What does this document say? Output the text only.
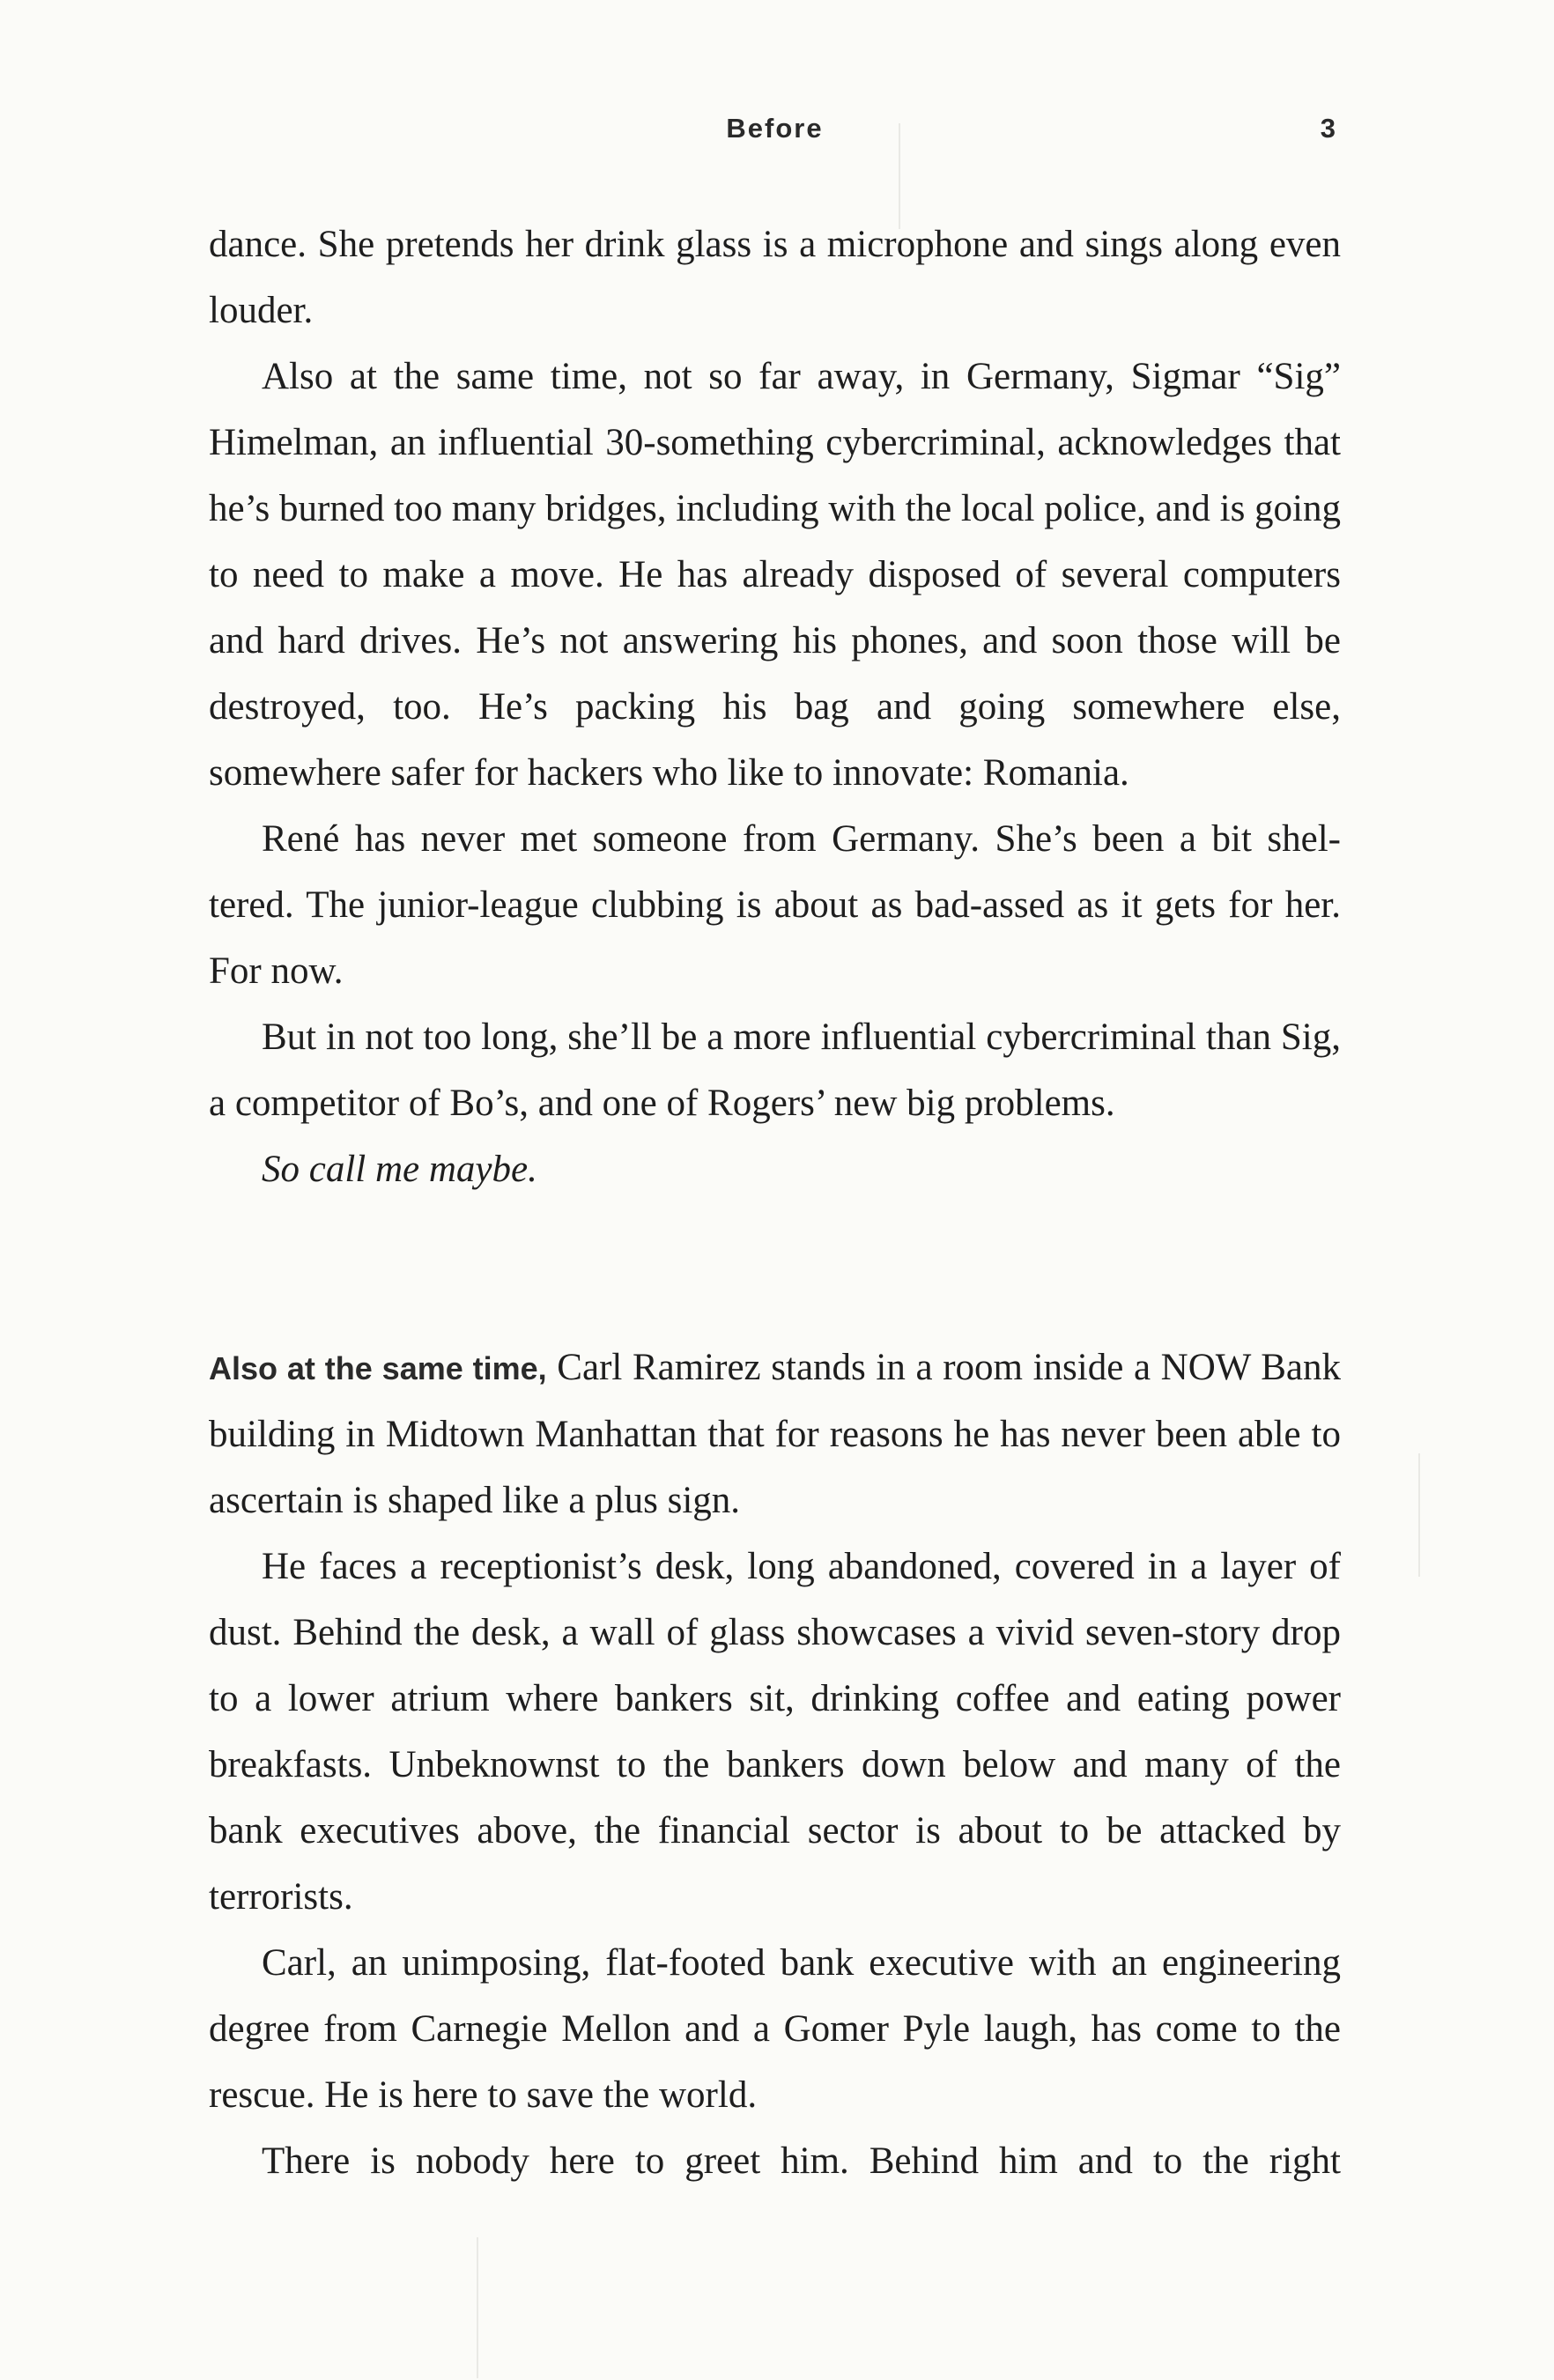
Before	3

dance. She pretends her drink glass is a microphone and sings along even louder.

Also at the same time, not so far away, in Germany, Sigmar “Sig” Himelman, an influential 30-something cybercriminal, acknowledges that he’s burned too many bridges, including with the local police, and is going to need to make a move. He has already disposed of several computers and hard drives. He’s not answering his phones, and soon those will be destroyed, too. He’s packing his bag and going somewhere else, somewhere safer for hackers who like to innovate: Romania.

René has never met someone from Germany. She’s been a bit sheltered. The junior-league clubbing is about as bad-assed as it gets for her. For now.

But in not too long, she’ll be a more influential cybercriminal than Sig, a competitor of Bo’s, and one of Rogers’ new big problems.

So call me maybe.

Also at the same time, Carl Ramirez stands in a room inside a NOW Bank building in Midtown Manhattan that for reasons he has never been able to ascertain is shaped like a plus sign.

He faces a receptionist’s desk, long abandoned, covered in a layer of dust. Behind the desk, a wall of glass showcases a vivid seven-story drop to a lower atrium where bankers sit, drinking coffee and eating power breakfasts. Unbeknownst to the bankers down below and many of the bank executives above, the financial sector is about to be attacked by terrorists.

Carl, an unimposing, flat-footed bank executive with an engineering degree from Carnegie Mellon and a Gomer Pyle laugh, has come to the rescue. He is here to save the world.

There is nobody here to greet him. Behind him and to the right
